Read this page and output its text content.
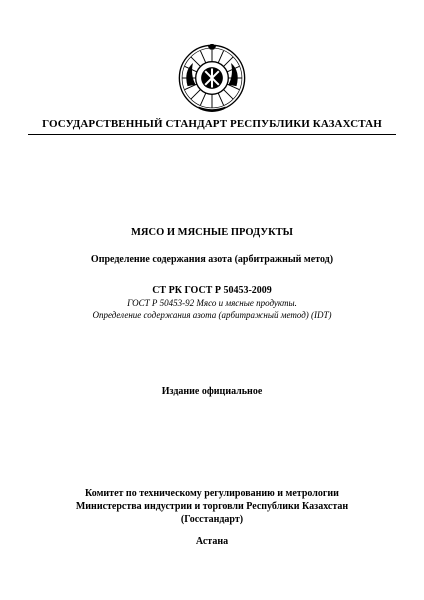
ГОСУДАРСТВЕННЫЙ СТАНДАРТ РЕСПУБЛИКИ КАЗАХСТАН
МЯСО И МЯСНЫЕ ПРОДУКТЫ
Определение содержания азота (арбитражный метод)
СТ РК ГОСТ Р 50453-2009
ГОСТ Р 50453-92 Мясо и мясные продукты.
Определение содержания азота (арбитражный метод) (IDT)
Издание официальное
Комитет по техническому регулированию и метрологии
Министерства индустрии и торговли Республики Казахстан
(Госстандарт)
Астана
